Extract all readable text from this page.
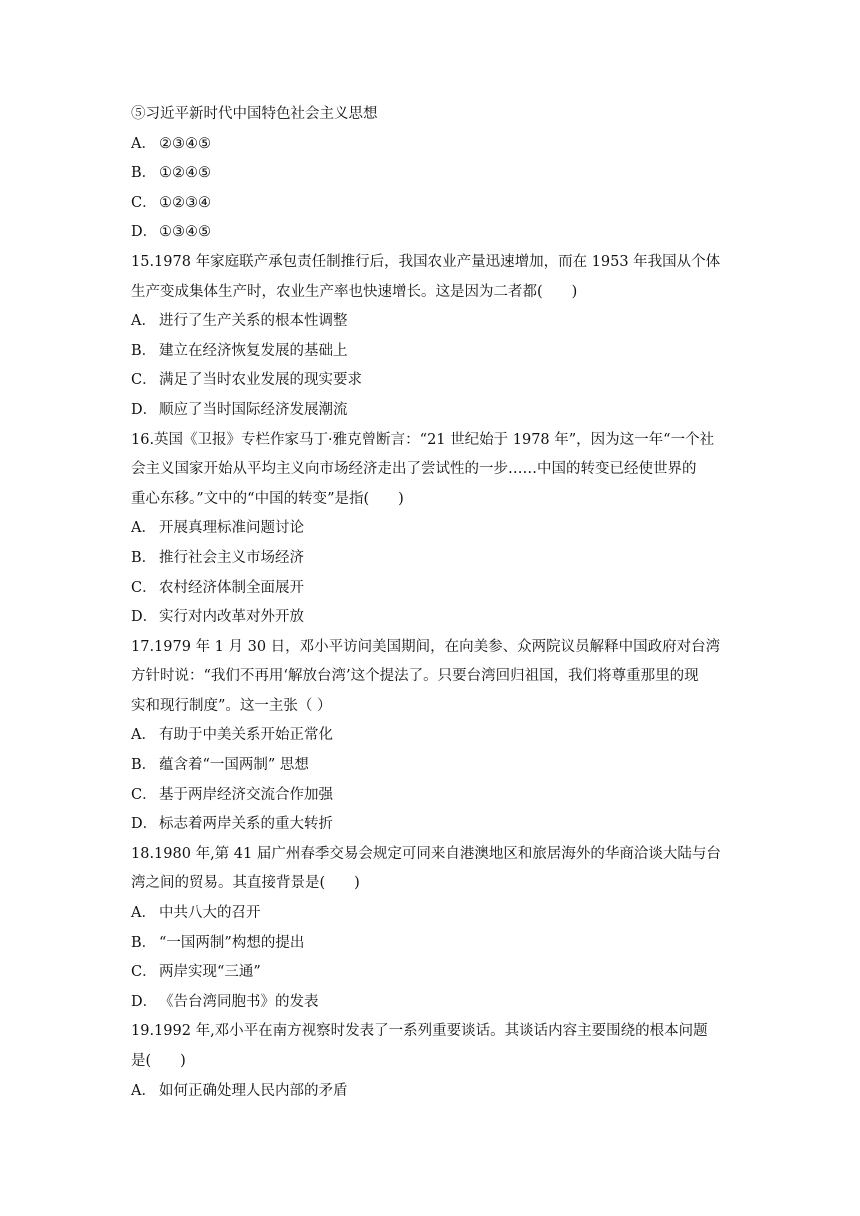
⑤习近平新时代中国特色社会主义思想
A． ②③④⑤
B． ①②④⑤
C． ①②③④
D． ①③④⑤
15.1978 年家庭联产承包责任制推行后，我国农业产量迅速增加，而在 1953 年我国从个体
生产变成集体生产时，农业生产率也快速增长。这是因为二者都(　　)
A． 进行了生产关系的根本性调整
B． 建立在经济恢复发展的基础上
C． 满足了当时农业发展的现实要求
D． 顺应了当时国际经济发展潮流
16.英国《卫报》专栏作家马丁·雅克曾断言：“21 世纪始于 1978 年”，因为这一年“一个社
会主义国家开始从平均主义向市场经济走出了尝试性的一步……中国的转变已经使世界的
重心东移。”文中的“中国的转变”是指(　　)
A． 开展真理标准问题讨论
B． 推行社会主义市场经济
C． 农村经济体制全面展开
D． 实行对内改革对外开放
17.1979 年 1 月 30 日，邓小平访问美国期间，在向美参、众两院议员解释中国政府对台湾
方针时说：“我们不再用‘解放台湾’这个提法了。只要台湾回归祖国，我们将尊重那里的现
实和现行制度”。这一主张（ ）
A． 有助于中美关系开始正常化
B． 蕴含着“一国两制” 思想
C． 基于两岸经济交流合作加强
D． 标志着两岸关系的重大转折
18.1980 年,第 41 届广州春季交易会规定可同来自港澳地区和旅居海外的华商洽谈大陆与台
湾之间的贸易。其直接背景是(　　)
A． 中共八大的召开
B． “一国两制”构想的提出
C． 两岸实现“三通”
D． 《告台湾同胞书》的发表
19.1992 年,邓小平在南方视察时发表了一系列重要谈话。其谈话内容主要围绕的根本问题
是(　　)
A． 如何正确处理人民内部的矛盾
